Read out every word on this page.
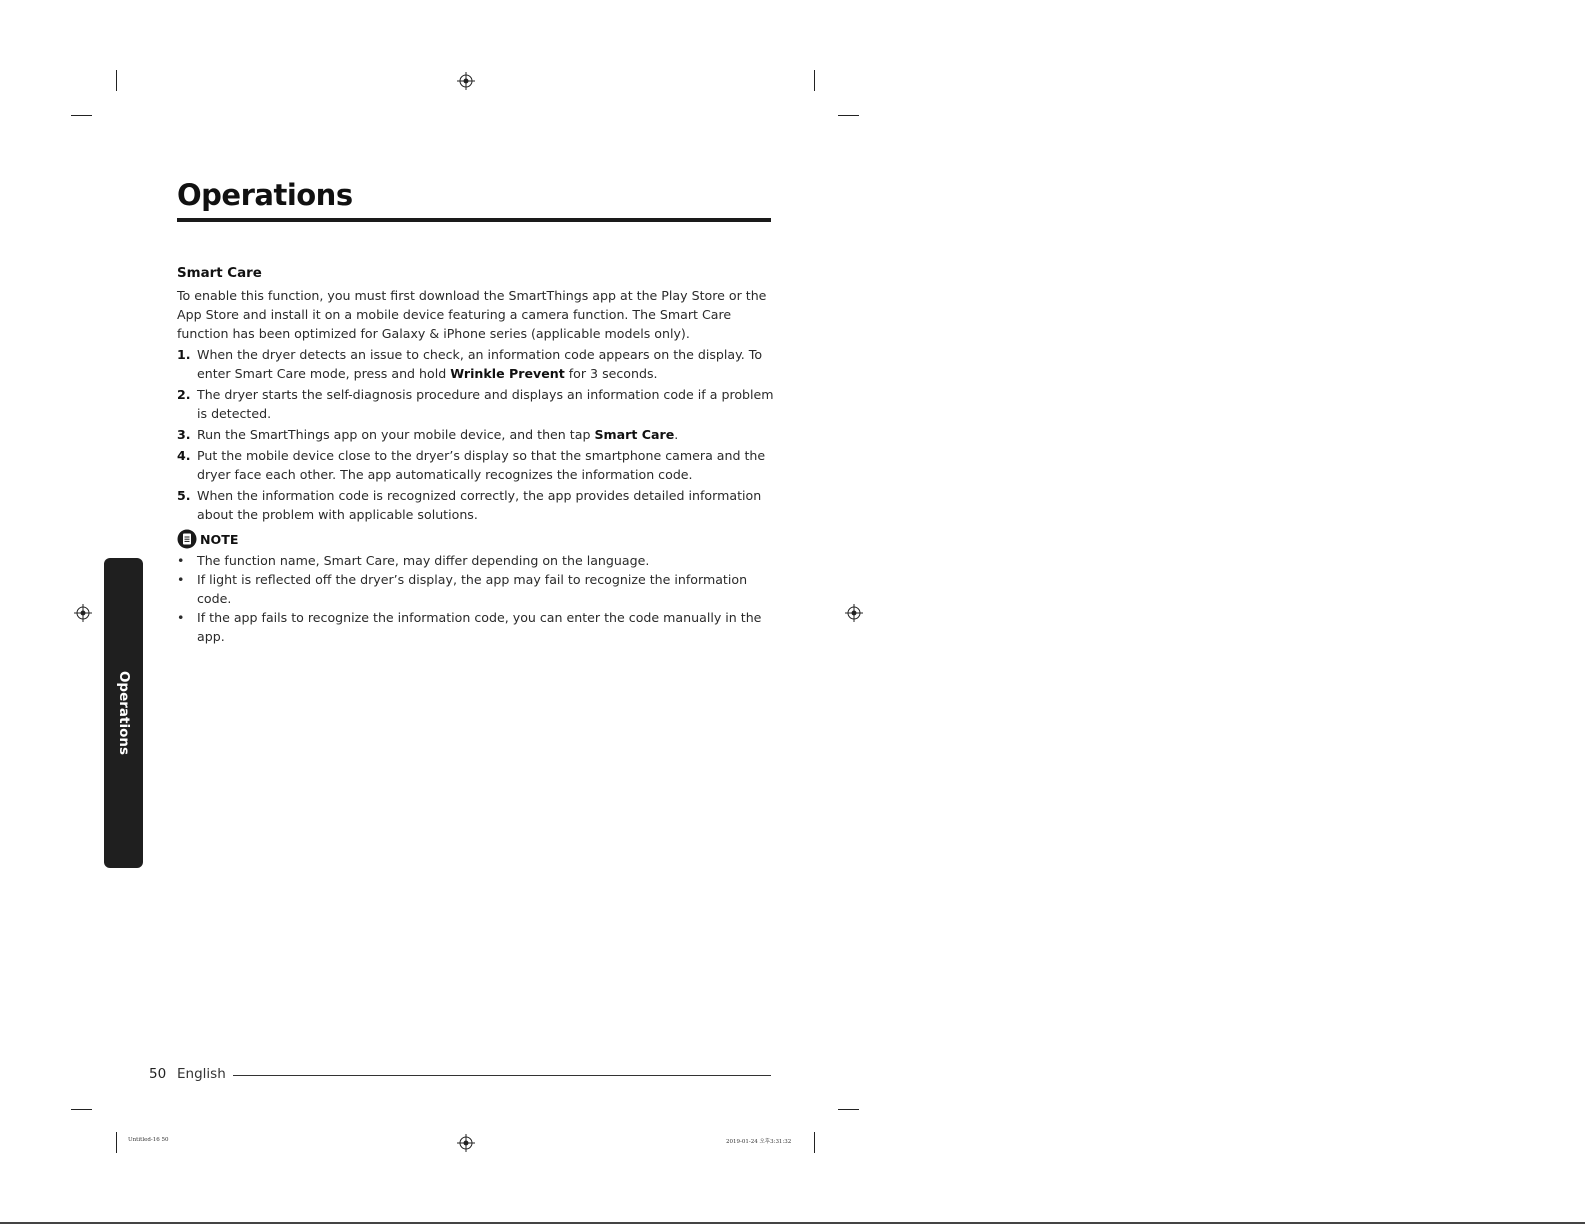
Operations
Smart Care

To enable this function, you must first download the SmartThings app at the Play Store or the App Store and install it on a mobile device featuring a camera function. The Smart Care function has been optimized for Galaxy & iPhone series (applicable models only).

1. When the dryer detects an issue to check, an information code appears on the display. To enter Smart Care mode, press and hold Wrinkle Prevent for 3 seconds.
2. The dryer starts the self-diagnosis procedure and displays an information code if a problem is detected.
3. Run the SmartThings app on your mobile device, and then tap Smart Care.
4. Put the mobile device close to the dryer’s display so that the smartphone camera and the dryer face each other. The app automatically recognizes the information code.
5. When the information code is recognized correctly, the app provides detailed information about the problem with applicable solutions.
NOTE
• The function name, Smart Care, may differ depending on the language.
• If light is reflected off the dryer’s display, the app may fail to recognize the information code.
• If the app fails to recognize the information code, you can enter the code manually in the app.
Operations
50 English
Untitled-16 50	2019-01-24 오후3:31:32
